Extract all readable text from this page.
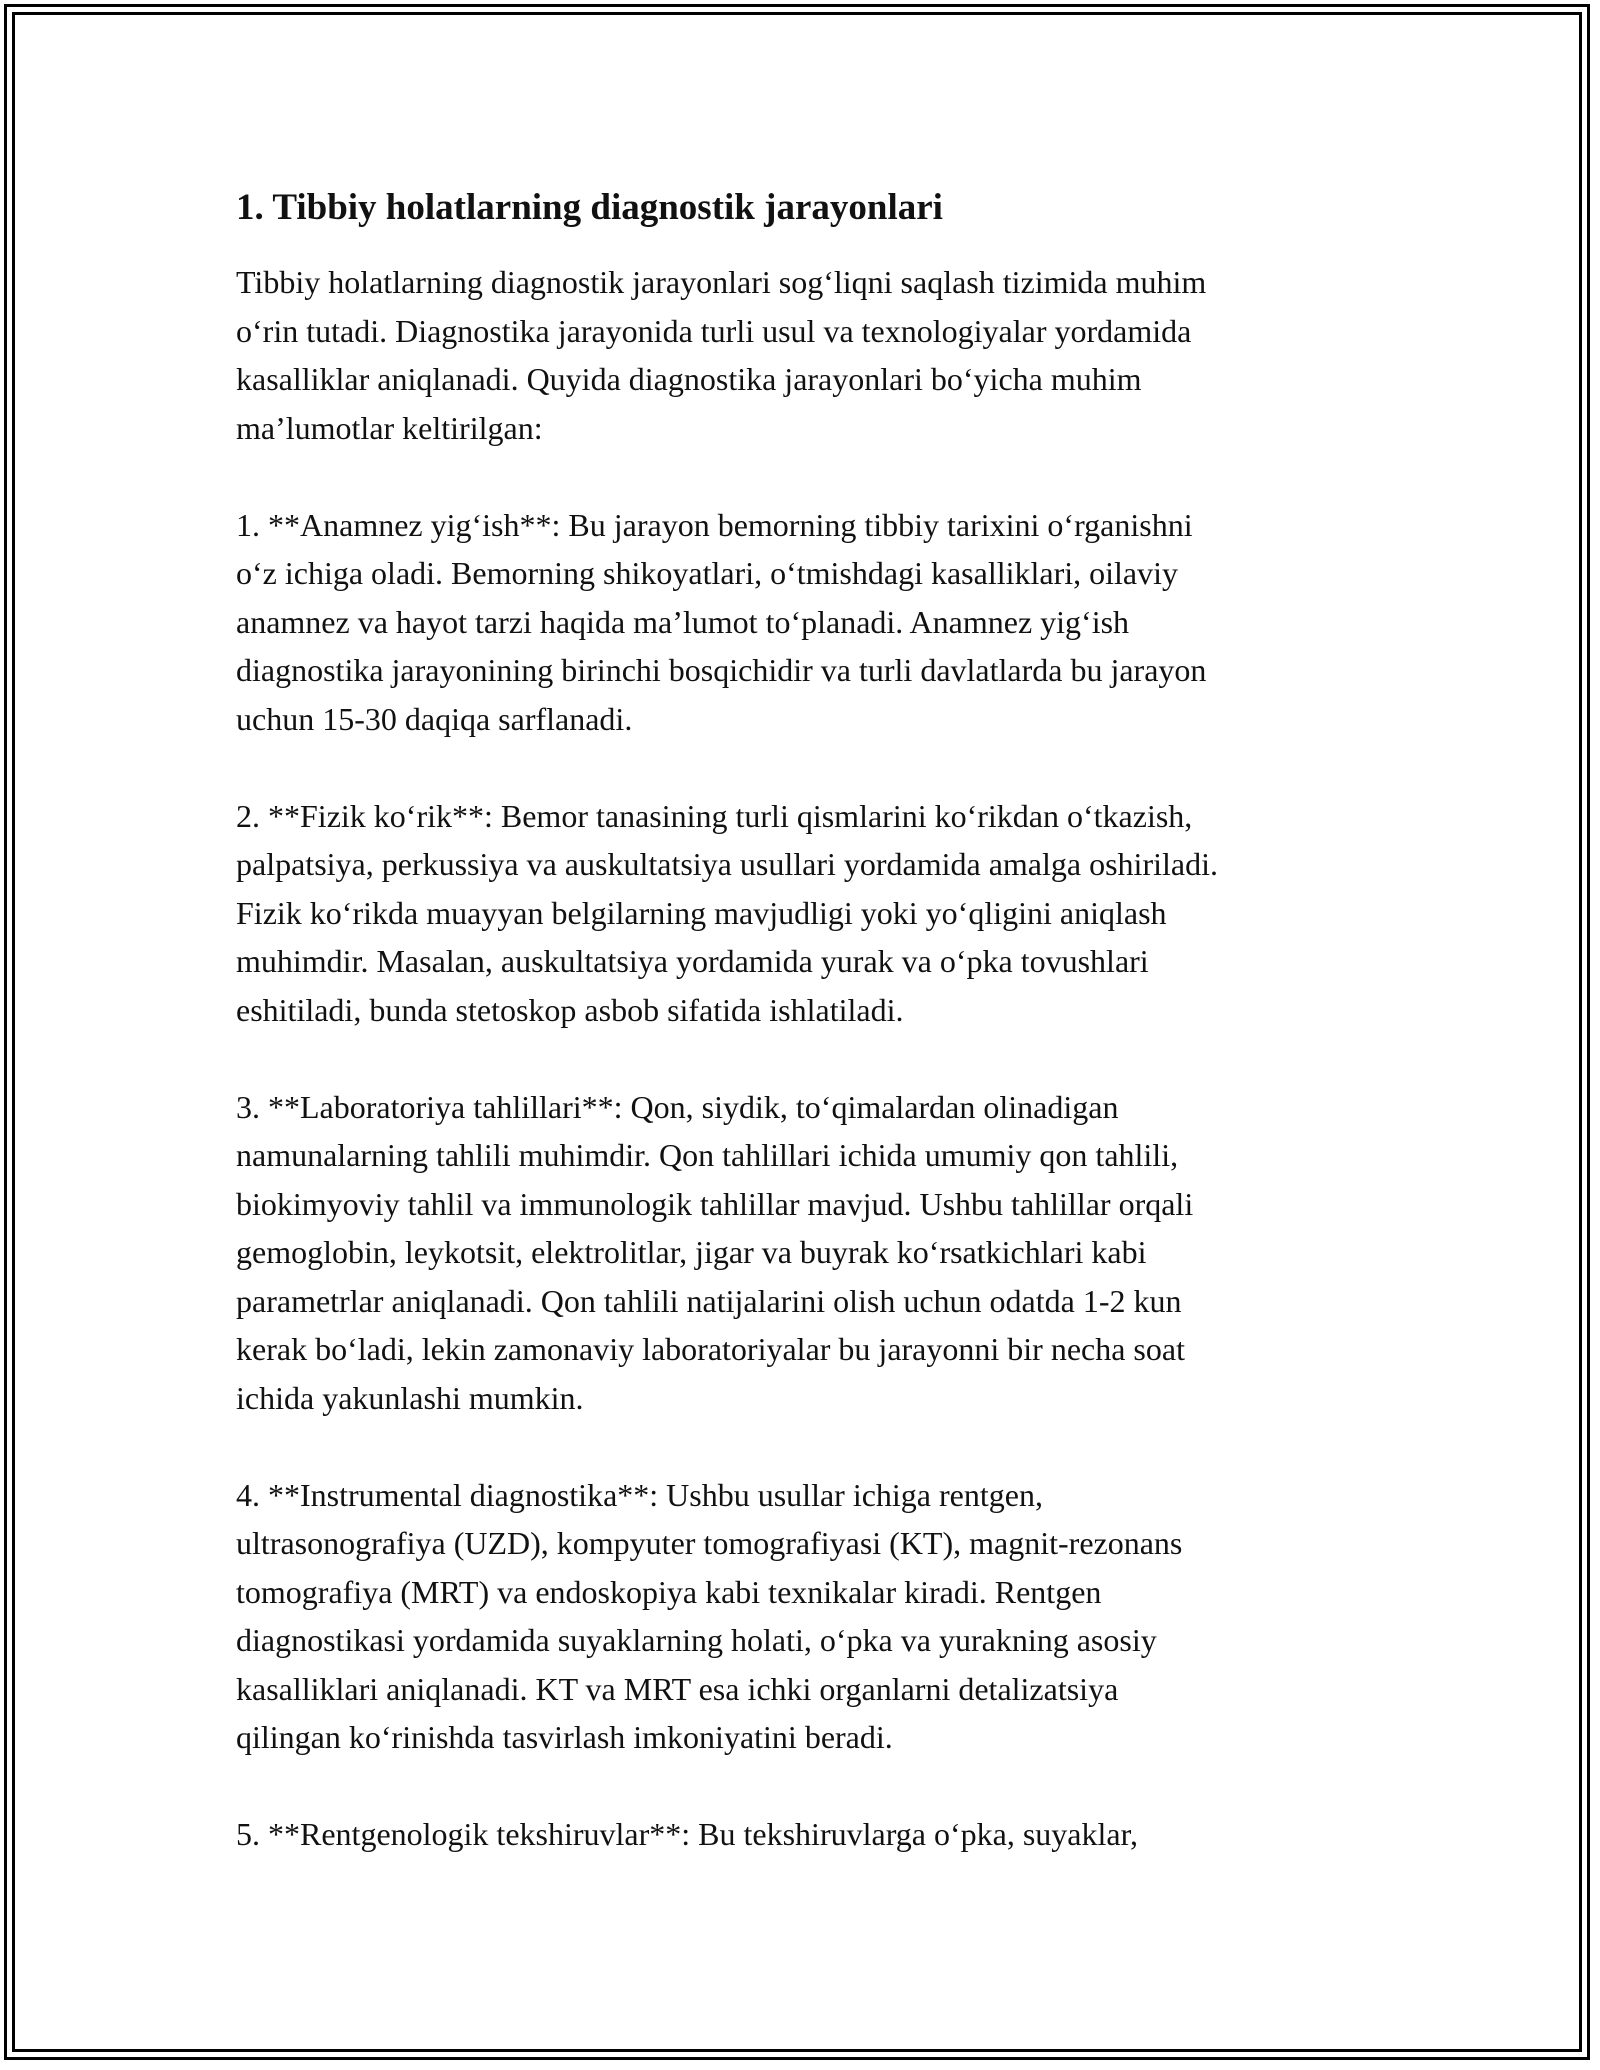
1. Tibbiy holatlarning diagnostik jarayonlari
Tibbiy holatlarning diagnostik jarayonlari sog‘liqni saqlash tizimida muhim
o‘rin tutadi. Diagnostika jarayonida turli usul va texnologiyalar yordamida
kasalliklar aniqlanadi. Quyida diagnostika jarayonlari bo‘yicha muhim
ma’lumotlar keltirilgan:
1. **Anamnez yig‘ish**: Bu jarayon bemorning tibbiy tarixini o‘rganishni
o‘z ichiga oladi. Bemorning shikoyatlari, o‘tmishdagi kasalliklari, oilaviy
anamnez va hayot tarzi haqida ma’lumot to‘planadi. Anamnez yig‘ish
diagnostika jarayonining birinchi bosqichidir va turli davlatlarda bu jarayon
uchun 15-30 daqiqa sarflanadi.
2. **Fizik ko‘rik**: Bemor tanasining turli qismlarini ko‘rikdan o‘tkazish,
palpatsiya, perkussiya va auskultatsiya usullari yordamida amalga oshiriladi.
Fizik ko‘rikda muayyan belgilarning mavjudligi yoki yo‘qligini aniqlash
muhimdir. Masalan, auskultatsiya yordamida yurak va o‘pka tovushlari
eshitiladi, bunda stetoskop asbob sifatida ishlatiladi.
3. **Laboratoriya tahlillari**: Qon, siydik, to‘qimalardan olinadigan
namunalarning tahlili muhimdir. Qon tahlillari ichida umumiy qon tahlili,
biokimyoviy tahlil va immunologik tahlillar mavjud. Ushbu tahlillar orqali
gemoglobin, leykotsit, elektrolitlar, jigar va buyrak ko‘rsatkichlari kabi
parametrlar aniqlanadi. Qon tahlili natijalarini olish uchun odatda 1-2 kun
kerak bo‘ladi, lekin zamonaviy laboratoriyalar bu jarayonni bir necha soat
ichida yakunlashi mumkin.
4. **Instrumental diagnostika**: Ushbu usullar ichiga rentgen,
ultrasonografiya (UZD), kompyuter tomografiyasi (KT), magnit-rezonans
tomografiya (MRT) va endoskopiya kabi texnikalar kiradi. Rentgen
diagnostikasi yordamida suyaklarning holati, o‘pka va yurakning asosiy
kasalliklari aniqlanadi. KT va MRT esa ichki organlarni detalizatsiya
qilingan ko‘rinishda tasvirlash imkoniyatini beradi.
5. **Rentgenologik tekshiruvlar**: Bu tekshiruvlarga o‘pka, suyaklar,
